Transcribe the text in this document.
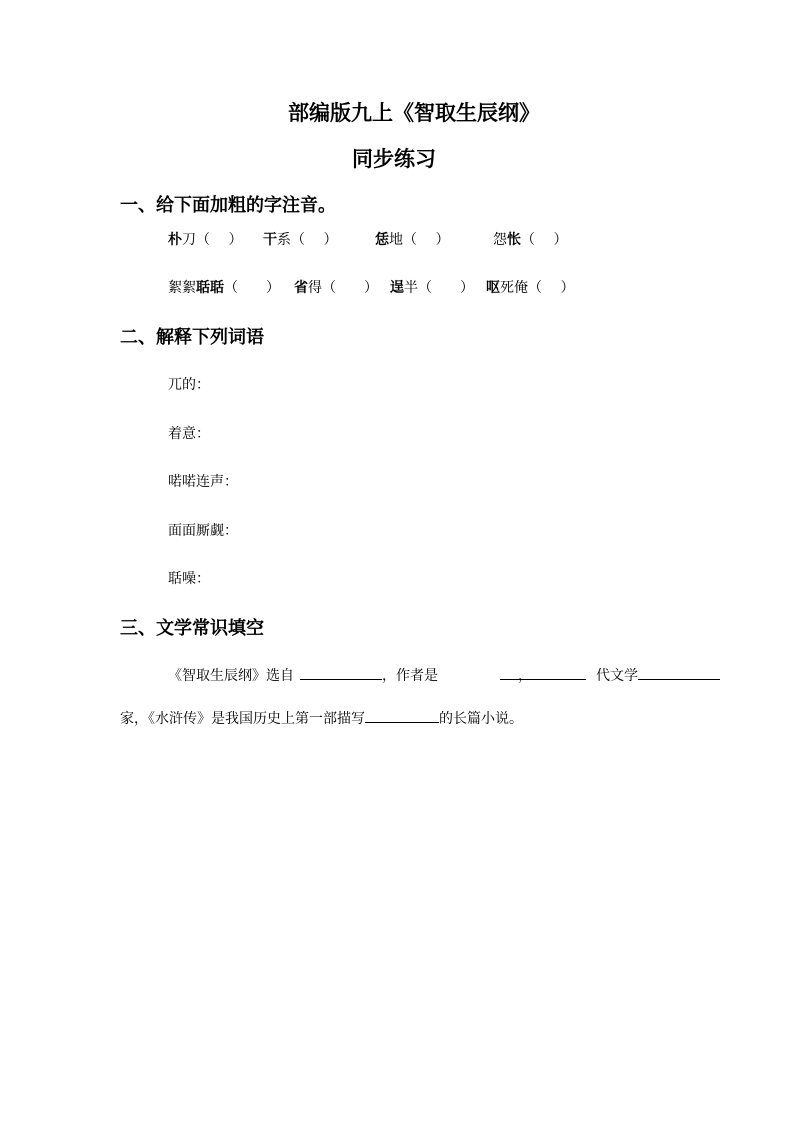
部编版九上《智取生辰纲》
同步练习
一、给下面加粗的字注音。
朴刀（　 ） 干系（　 ）	恁地（　 ）	怨怅（　 ）
絮絮聒聒（　　） 省得（　　） 逞半（　　） 呕死俺（　 ）
二、解释下列词语
兀的：
着意：
喏喏连声：
面面厮觑：
聒噪：
三、文学常识填空
《智取生辰纲》选自	，作者是	，	代文学
家，《水浒传》是我国历史上第一部描写	的长篇小说。
